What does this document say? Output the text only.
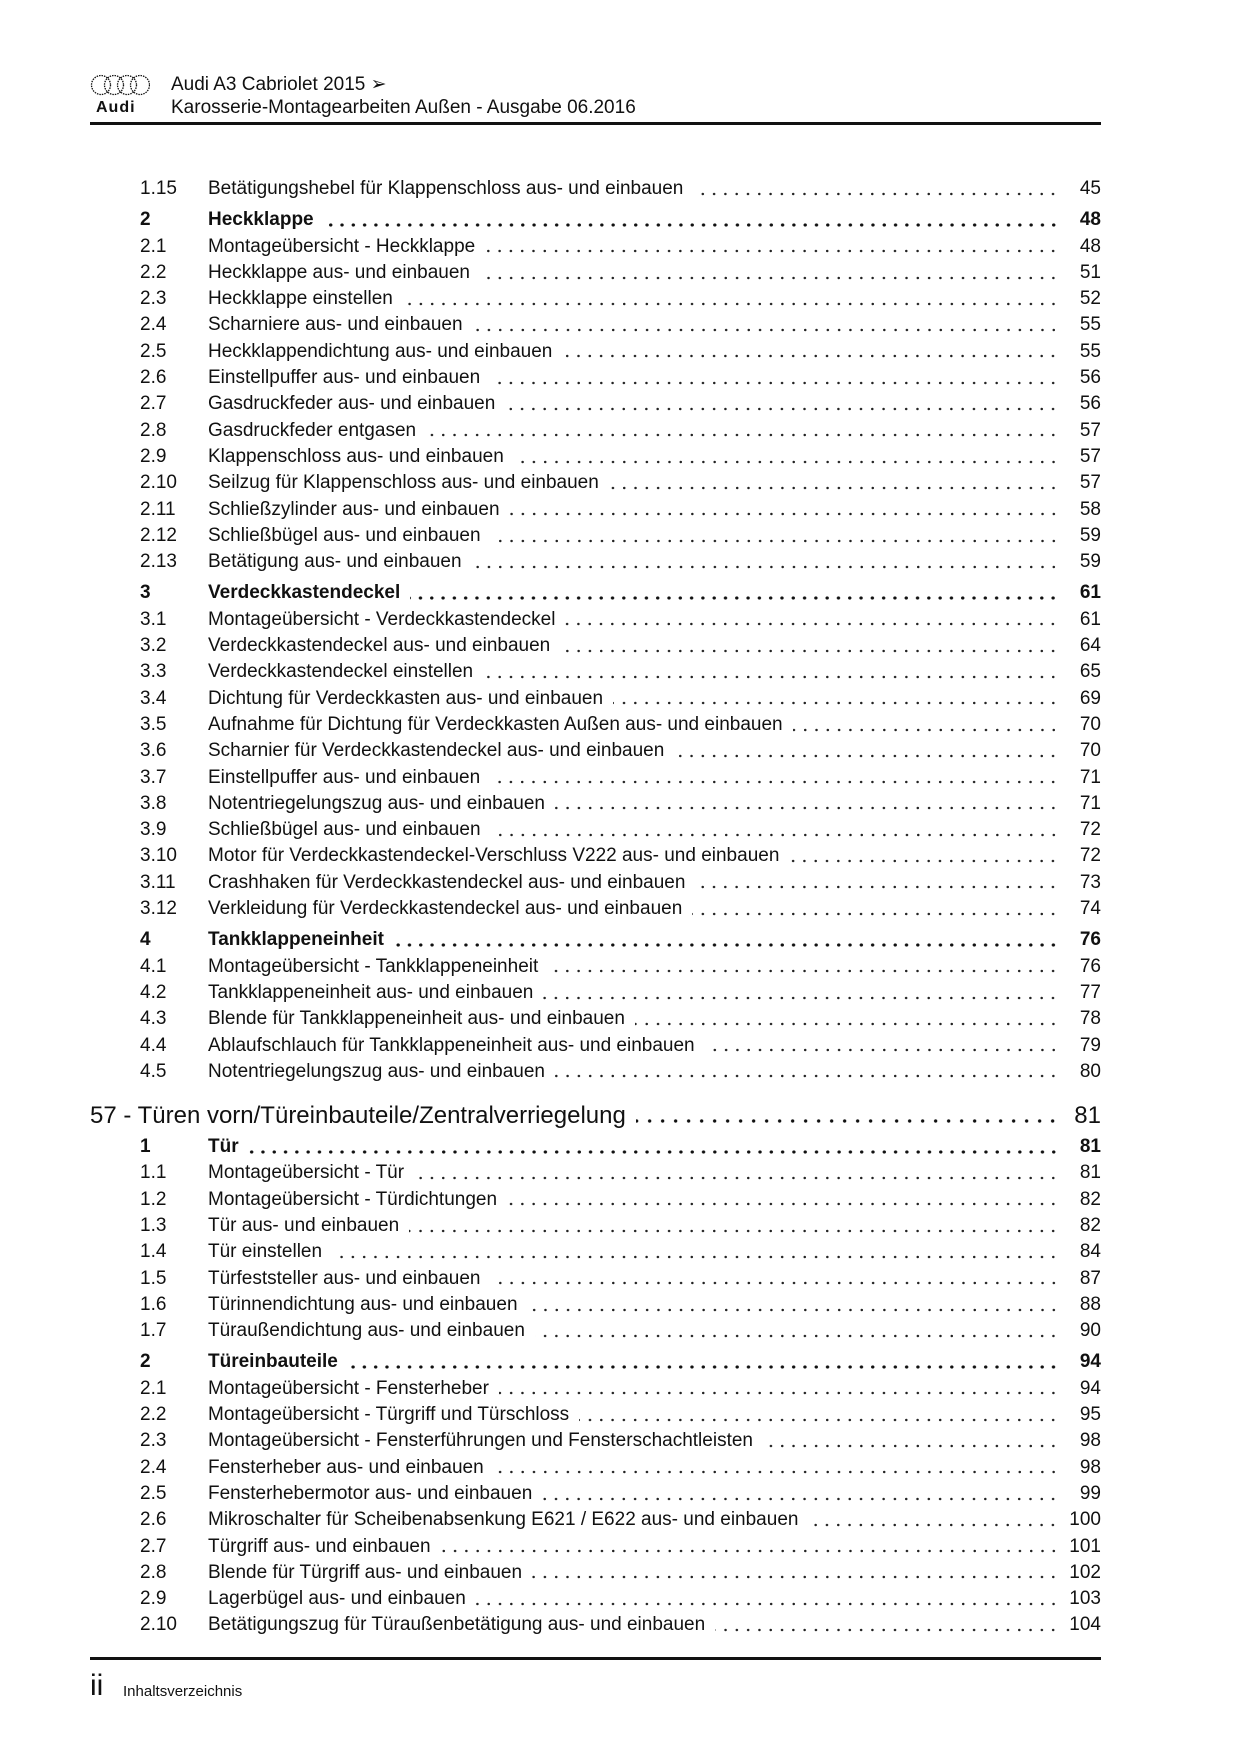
Audi
Audi A3 Cabriolet 2015 ➢
Karosserie-Montagearbeiten Außen - Ausgabe 06.2016
1.15	Betätigungshebel für Klappenschloss aus- und einbauen	45
2	Heckklappe	48
2.1	Montageübersicht - Heckklappe	48
2.2	Heckklappe aus- und einbauen	51
2.3	Heckklappe einstellen	52
2.4	Scharniere aus- und einbauen	55
2.5	Heckklappendichtung aus- und einbauen	55
2.6	Einstellpuffer aus- und einbauen	56
2.7	Gasdruckfeder aus- und einbauen	56
2.8	Gasdruckfeder entgasen	57
2.9	Klappenschloss aus- und einbauen	57
2.10	Seilzug für Klappenschloss aus- und einbauen	57
2.11	Schließzylinder aus- und einbauen	58
2.12	Schließbügel aus- und einbauen	59
2.13	Betätigung aus- und einbauen	59
3	Verdeckkastendeckel	61
3.1	Montageübersicht - Verdeckkastendeckel	61
3.2	Verdeckkastendeckel aus- und einbauen	64
3.3	Verdeckkastendeckel einstellen	65
3.4	Dichtung für Verdeckkasten aus- und einbauen	69
3.5	Aufnahme für Dichtung für Verdeckkasten Außen aus- und einbauen	70
3.6	Scharnier für Verdeckkastendeckel aus- und einbauen	70
3.7	Einstellpuffer aus- und einbauen	71
3.8	Notentriegelungszug aus- und einbauen	71
3.9	Schließbügel aus- und einbauen	72
3.10	Motor für Verdeckkastendeckel-Verschluss V222 aus- und einbauen	72
3.11	Crashhaken für Verdeckkastendeckel aus- und einbauen	73
3.12	Verkleidung für Verdeckkastendeckel aus- und einbauen	74
4	Tankklappeneinheit	76
4.1	Montageübersicht - Tankklappeneinheit	76
4.2	Tankklappeneinheit aus- und einbauen	77
4.3	Blende für Tankklappeneinheit aus- und einbauen	78
4.4	Ablaufschlauch für Tankklappeneinheit aus- und einbauen	79
4.5	Notentriegelungszug aus- und einbauen	80
57 - Türen vorn/Türeinbauteile/Zentralverriegelung	81
1	Tür	81
1.1	Montageübersicht - Tür	81
1.2	Montageübersicht - Türdichtungen	82
1.3	Tür aus- und einbauen	82
1.4	Tür einstellen	84
1.5	Türfeststeller aus- und einbauen	87
1.6	Türinnendichtung aus- und einbauen	88
1.7	Türaußendichtung aus- und einbauen	90
2	Türeinbauteile	94
2.1	Montageübersicht - Fensterheber	94
2.2	Montageübersicht - Türgriff und Türschloss	95
2.3	Montageübersicht - Fensterführungen und Fensterschachtleisten	98
2.4	Fensterheber aus- und einbauen	98
2.5	Fensterhebermotor aus- und einbauen	99
2.6	Mikroschalter für Scheibenabsenkung E621 / E622 aus- und einbauen	100
2.7	Türgriff aus- und einbauen	101
2.8	Blende für Türgriff aus- und einbauen	102
2.9	Lagerbügel aus- und einbauen	103
2.10	Betätigungszug für Türaußenbetätigung aus- und einbauen	104
ii Inhaltsverzeichnis
